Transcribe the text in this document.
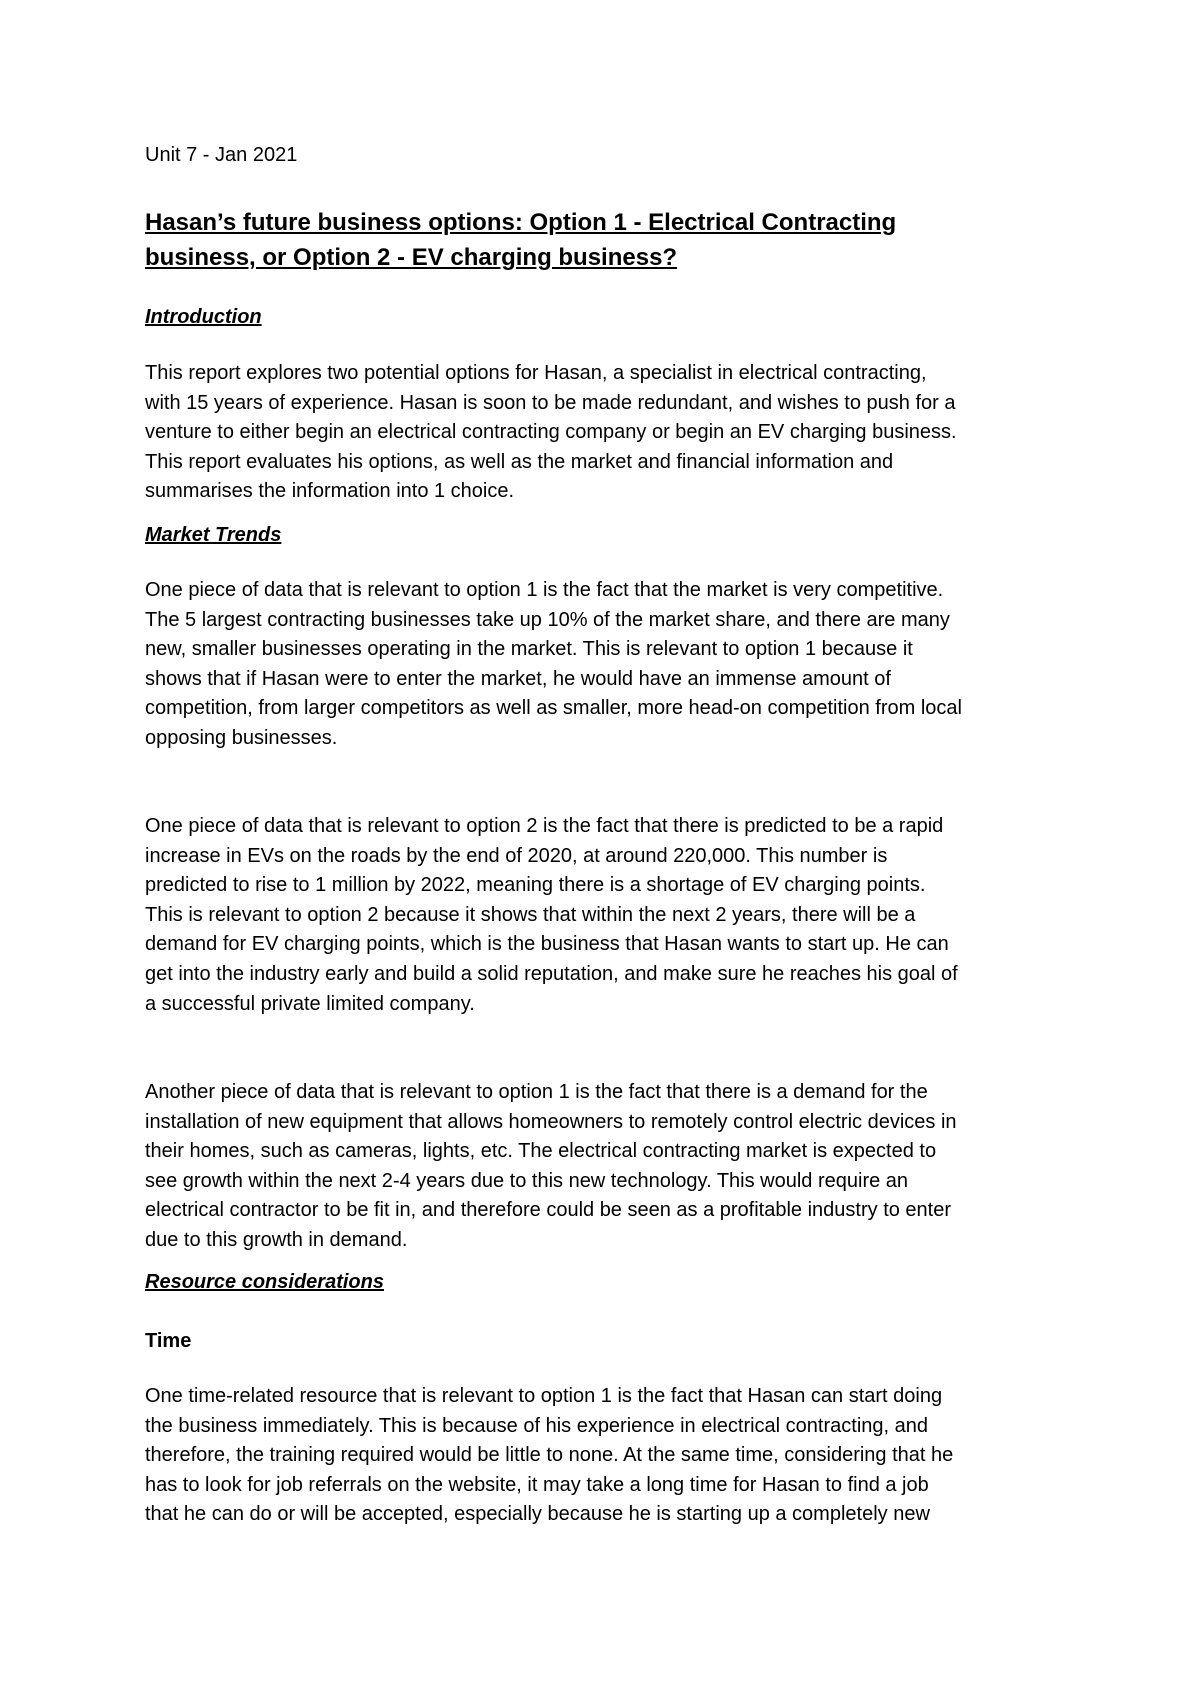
Unit 7 - Jan 2021

Hasan’s future business options: Option 1 - Electrical Contracting
business, or Option 2 - EV charging business?

Introduction

This report explores two potential options for Hasan, a specialist in electrical contracting,

with 15 years of experience. Hasan is soon to be made redundant, and wishes to push for a

venture to either begin an electrical contracting company or begin an EV charging business.

This report evaluates his options, as well as the market and financial information and

summarises the information into 1 choice.

Market Trends

One piece of data that is relevant to option 1 is the fact that the market is very competitive.

The 5 largest contracting businesses take up 10% of the market share, and there are many

new, smaller businesses operating in the market. This is relevant to option 1 because it

shows that if Hasan were to enter the market, he would have an immense amount of

competition, from larger competitors as well as smaller, more head-on competition from local

opposing businesses.

One piece of data that is relevant to option 2 is the fact that there is predicted to be a rapid

increase in EVs on the roads by the end of 2020, at around 220,000. This number is

predicted to rise to 1 million by 2022, meaning there is a shortage of EV charging points.

This is relevant to option 2 because it shows that within the next 2 years, there will be a

demand for EV charging points, which is the business that Hasan wants to start up. He can

get into the industry early and build a solid reputation, and make sure he reaches his goal of

a successful private limited company.

Another piece of data that is relevant to option 1 is the fact that there is a demand for the

installation of new equipment that allows homeowners to remotely control electric devices in

their homes, such as cameras, lights, etc. The electrical contracting market is expected to

see growth within the next 2-4 years due to this new technology. This would require an

electrical contractor to be fit in, and therefore could be seen as a profitable industry to enter

due to this growth in demand.

Resource considerations

Time

One time-related resource that is relevant to option 1 is the fact that Hasan can start doing

the business immediately. This is because of his experience in electrical contracting, and

therefore, the training required would be little to none. At the same time, considering that he

has to look for job referrals on the website, it may take a long time for Hasan to find a job

that he can do or will be accepted, especially because he is starting up a completely new
